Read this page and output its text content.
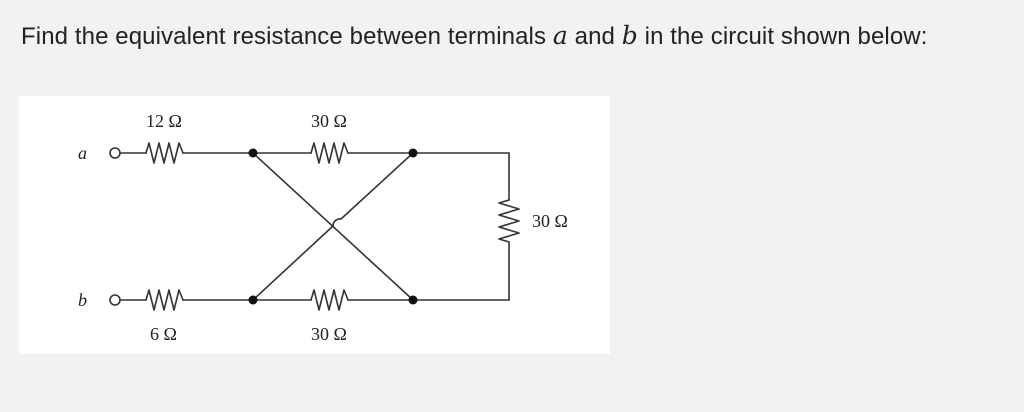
Find the equivalent resistance between terminals a and b in the circuit shown below:
a
b
12 Ω	30 Ω
6 Ω	30 Ω
30 Ω
